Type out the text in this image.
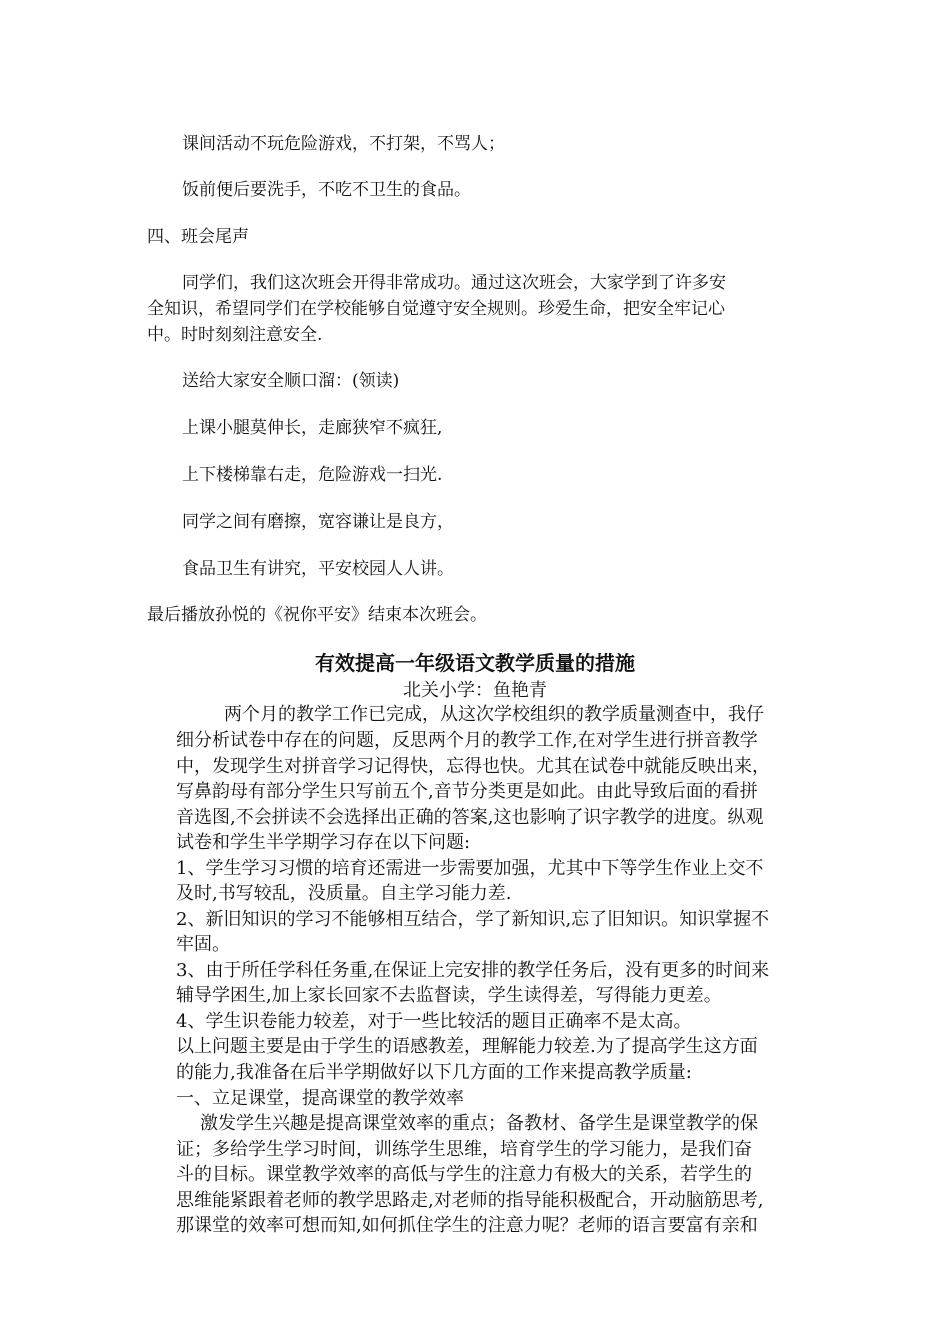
课间活动不玩危险游戏，不打架，不骂人；
饭前便后要洗手，不吃不卫生的食品。
四、班会尾声
同学们，我们这次班会开得非常成功。通过这次班会，大家学到了许多安
全知识，希望同学们在学校能够自觉遵守安全规则。珍爱生命，把安全牢记心
中。时时刻刻注意安全.
送给大家安全顺口溜：(领读)
上课小腿莫伸长，走廊狭窄不疯狂,
上下楼梯靠右走，危险游戏一扫光.
同学之间有磨擦，宽容谦让是良方，
食品卫生有讲究，平安校园人人讲。
最后播放孙悦的《祝你平安》结束本次班会。
有效提高一年级语文教学质量的措施
北关小学：鱼艳青
两个月的教学工作已完成，从这次学校组织的教学质量测查中，我仔
细分析试卷中存在的问题，反思两个月的教学工作,在对学生进行拼音教学
中，发现学生对拼音学习记得快，忘得也快。尤其在试卷中就能反映出来，
写鼻韵母有部分学生只写前五个,音节分类更是如此。由此导致后面的看拼
音选图,不会拼读不会选择出正确的答案,这也影响了识字教学的进度。纵观
试卷和学生半学期学习存在以下问题:
1、学生学习习惯的培育还需进一步需要加强，尤其中下等学生作业上交不
及时,书写较乱，没质量。自主学习能力差.
2、新旧知识的学习不能够相互结合，学了新知识,忘了旧知识。知识掌握不
牢固。
3、由于所任学科任务重,在保证上完安排的教学任务后，没有更多的时间来
辅导学困生,加上家长回家不去监督读，学生读得差，写得能力更差。
4、学生识卷能力较差，对于一些比较活的题目正确率不是太高。
以上问题主要是由于学生的语感教差，理解能力较差.为了提高学生这方面
的能力,我准备在后半学期做好以下几方面的工作来提高教学质量:
一、立足课堂，提高课堂的教学效率
激发学生兴趣是提高课堂效率的重点；备教材、备学生是课堂教学的保
证；多给学生学习时间，训练学生思维，培育学生的学习能力，是我们奋
斗的目标。课堂教学效率的高低与学生的注意力有极大的关系，若学生的
思维能紧跟着老师的教学思路走,对老师的指导能积极配合，开动脑筋思考,
那课堂的效率可想而知,如何抓住学生的注意力呢？老师的语言要富有亲和
